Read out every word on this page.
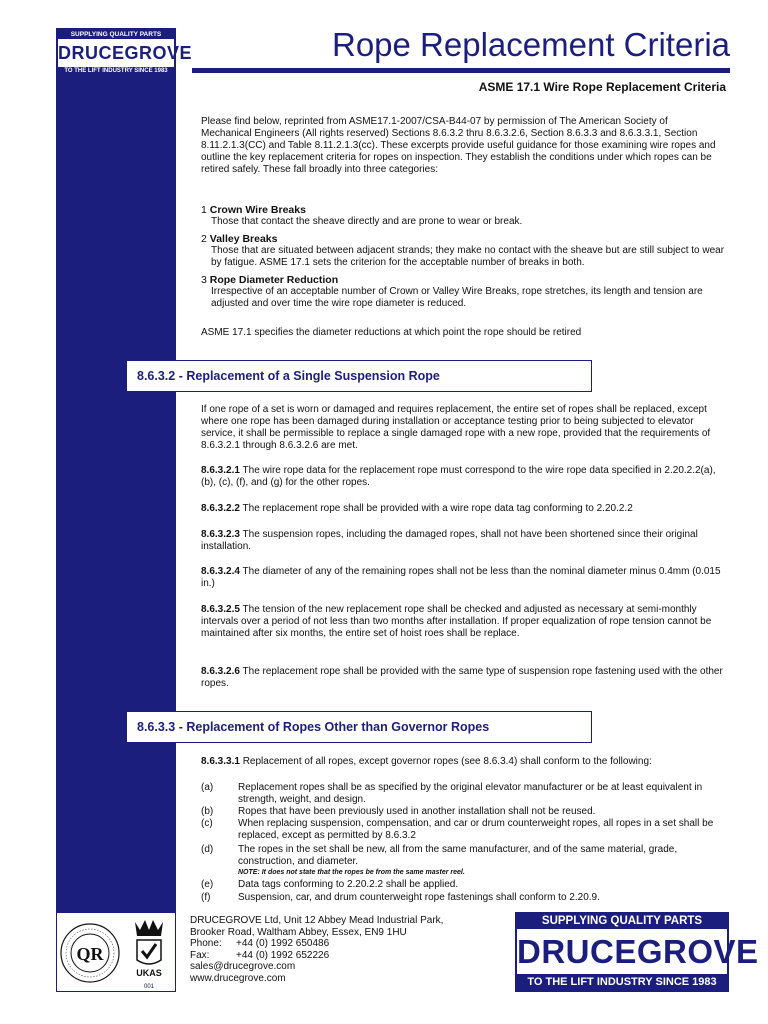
SUPPLYING QUALITY PARTS
DRUCEGROVE
TO THE LIFT INDUSTRY SINCE 1983
Rope Replacement Criteria
ASME 17.1 Wire Rope Replacement Criteria
Please find below, reprinted from ASME17.1-2007/CSA-B44-07 by permission of The American Society of Mechanical Engineers (All rights reserved) Sections 8.6.3.2 thru 8.6.3.2.6, Section 8.6.3.3 and 8.6.3.3.1, Section 8.11.2.1.3(CC) and Table 8.11.2.1.3(cc). These excerpts provide useful guidance for those examining wire ropes and outline the key replacement criteria for ropes on inspection. They establish the conditions under which ropes can be retired safely. These fall broadly into three categories:
1 Crown Wire Breaks
Those that contact the sheave directly and are prone to wear or break.
2 Valley Breaks
Those that are situated between adjacent strands; they make no contact with the sheave but are still subject to wear by fatigue. ASME 17.1 sets the criterion for the acceptable number of breaks in both.
3 Rope Diameter Reduction
Irrespective of an acceptable number of Crown or Valley Wire Breaks, rope stretches, its length and tension are adjusted and over time the wire rope diameter is reduced.
ASME 17.1 specifies the diameter reductions at which point the rope should be retired
8.6.3.2 - Replacement of a Single Suspension Rope
If one rope of a set is worn or damaged and requires replacement, the entire set of ropes shall be replaced, except where one rope has been damaged during installation or acceptance testing prior to being subjected to elevator service, it shall be permissible to replace a single damaged rope with a new rope, provided that the requirements of 8.6.3.2.1 through 8.6.3.2.6 are met.
8.6.3.2.1 The wire rope data for the replacement rope must correspond to the wire rope data specified in 2.20.2.2(a), (b), (c), (f), and (g) for the other ropes.
8.6.3.2.2 The replacement rope shall be provided with a wire rope data tag conforming to 2.20.2.2
8.6.3.2.3 The suspension ropes, including the damaged ropes, shall not have been shortened since their original installation.
8.6.3.2.4 The diameter of any of the remaining ropes shall not be less than the nominal diameter minus 0.4mm (0.015 in.)
8.6.3.2.5 The tension of the new replacement rope shall be checked and adjusted as necessary at semi-monthly intervals over a period of not less than two months after installation. If proper equalization of rope tension cannot be maintained after six months, the entire set of hoist roes shall be replace.
8.6.3.2.6 The replacement rope shall be provided with the same type of suspension rope fastening used with the other ropes.
8.6.3.3 - Replacement of Ropes Other than Governor Ropes
8.6.3.3.1 Replacement of all ropes, except governor ropes (see 8.6.3.4) shall conform to the following:
(a) Replacement ropes shall be as specified by the original elevator manufacturer or be at least equivalent in strength, weight, and design.
(b) Ropes that have been previously used in another installation shall not be reused.
(c)	When replacing suspension, compensation, and car or drum counterweight ropes, all ropes in a set shall be replaced, except as permitted by 8.6.3.2
(d) The ropes in the set shall be new, all from the same manufacturer, and of the same material, grade, construction, and diameter.
NOTE: It does not state that the ropes be from the same master reel.
(e) Data tags conforming to 2.20.2.2 shall be applied.
(f)	Suspension, car, and drum counterweight rope fastenings shall conform to 2.20.9.
QR
UKAS
001
DRUCEGROVE Ltd, Unit 12 Abbey Mead Industrial Park,
Brooker Road, Waltham Abbey, Essex, EN9 1HU
Phone: +44 (0) 1992 650486
Fax:	+44 (0) 1992 652226
sales@drucegrove.com
www.drucegrove.com
SUPPLYING QUALITY PARTS
DRUCEGROVE
TO THE LIFT INDUSTRY SINCE 1983
